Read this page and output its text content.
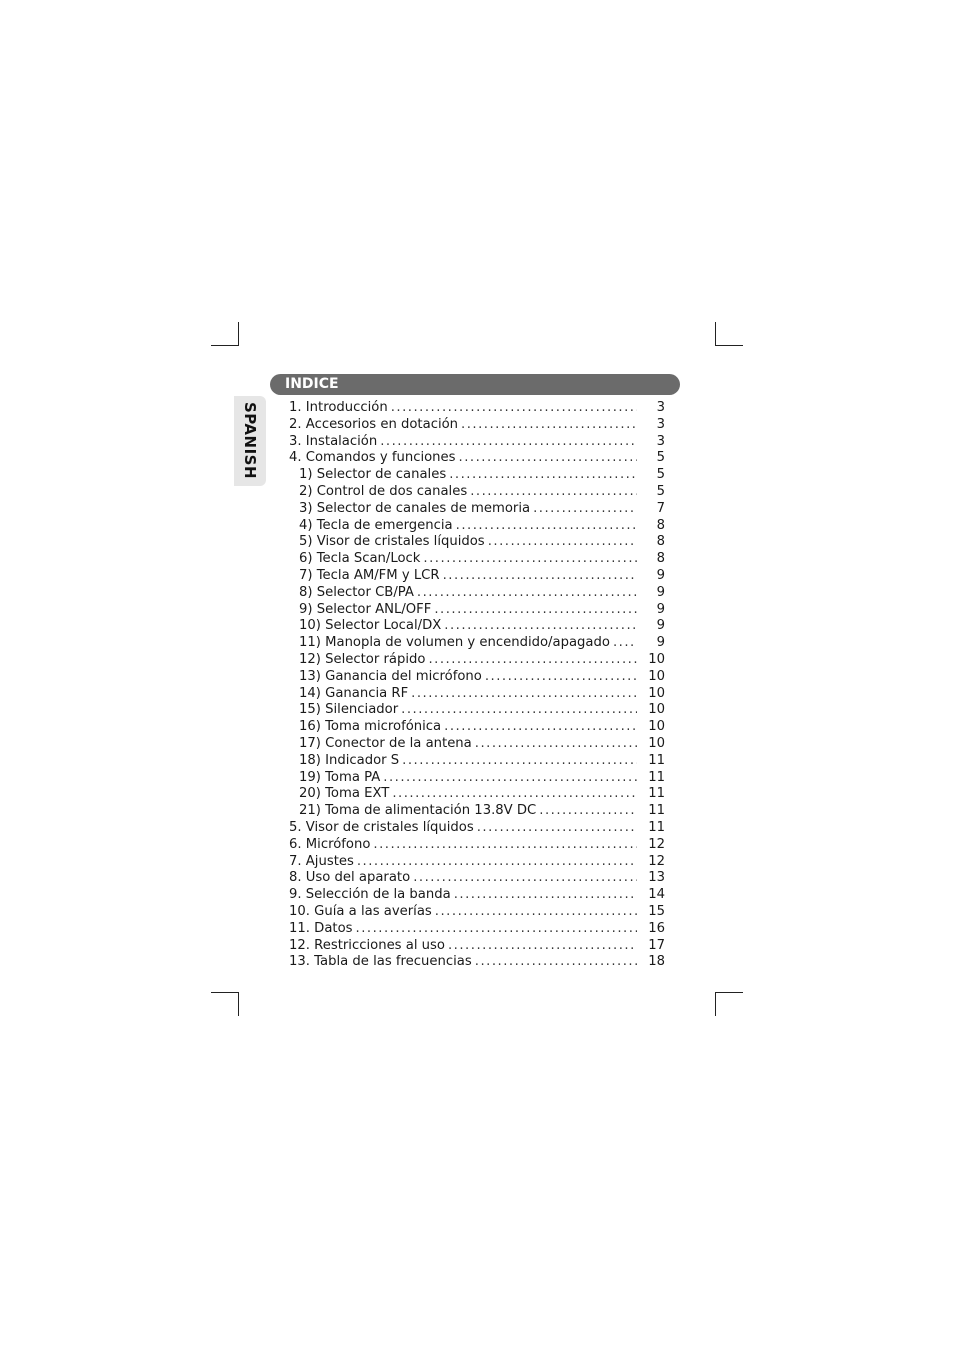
SPANISH
INDICE
1. Introducción .....	3
2. Accesorios en dotación .....	3
3. Instalación .....	3
4. Comandos y funciones .....	5
1) Selector de canales .....	5
2) Control de dos canales .....	5
3) Selector de canales de memoria .....	7
4) Tecla de emergencia .....	8
5) Visor de cristales líquidos .....	8
6) Tecla Scan/Lock .....	8
7) Tecla AM/FM y LCR .....	9
8) Selector CB/PA .....	9
9) Selector ANL/OFF .....	9
10) Selector Local/DX .....	9
11) Manopla de volumen y encendido/apagado .....	9
12) Selector rápido .....	10
13) Ganancia del micrófono .....	10
14) Ganancia RF .....	10
15) Silenciador .....	10
16) Toma microfónica .....	10
17) Conector de la antena .....	10
18) Indicador S .....	11
19) Toma PA .....	11
20) Toma EXT .....	11
21) Toma de alimentación 13.8V DC .....	11
5. Visor de cristales líquidos .....	11
6. Micrófono .....	12
7. Ajustes .....	12
8. Uso del aparato .....	13
9. Selección de la banda .....	14
10. Guía a las averías .....	15
11. Datos .....	16
12. Restricciones al uso .....	17
13. Tabla de las frecuencias .....	18
